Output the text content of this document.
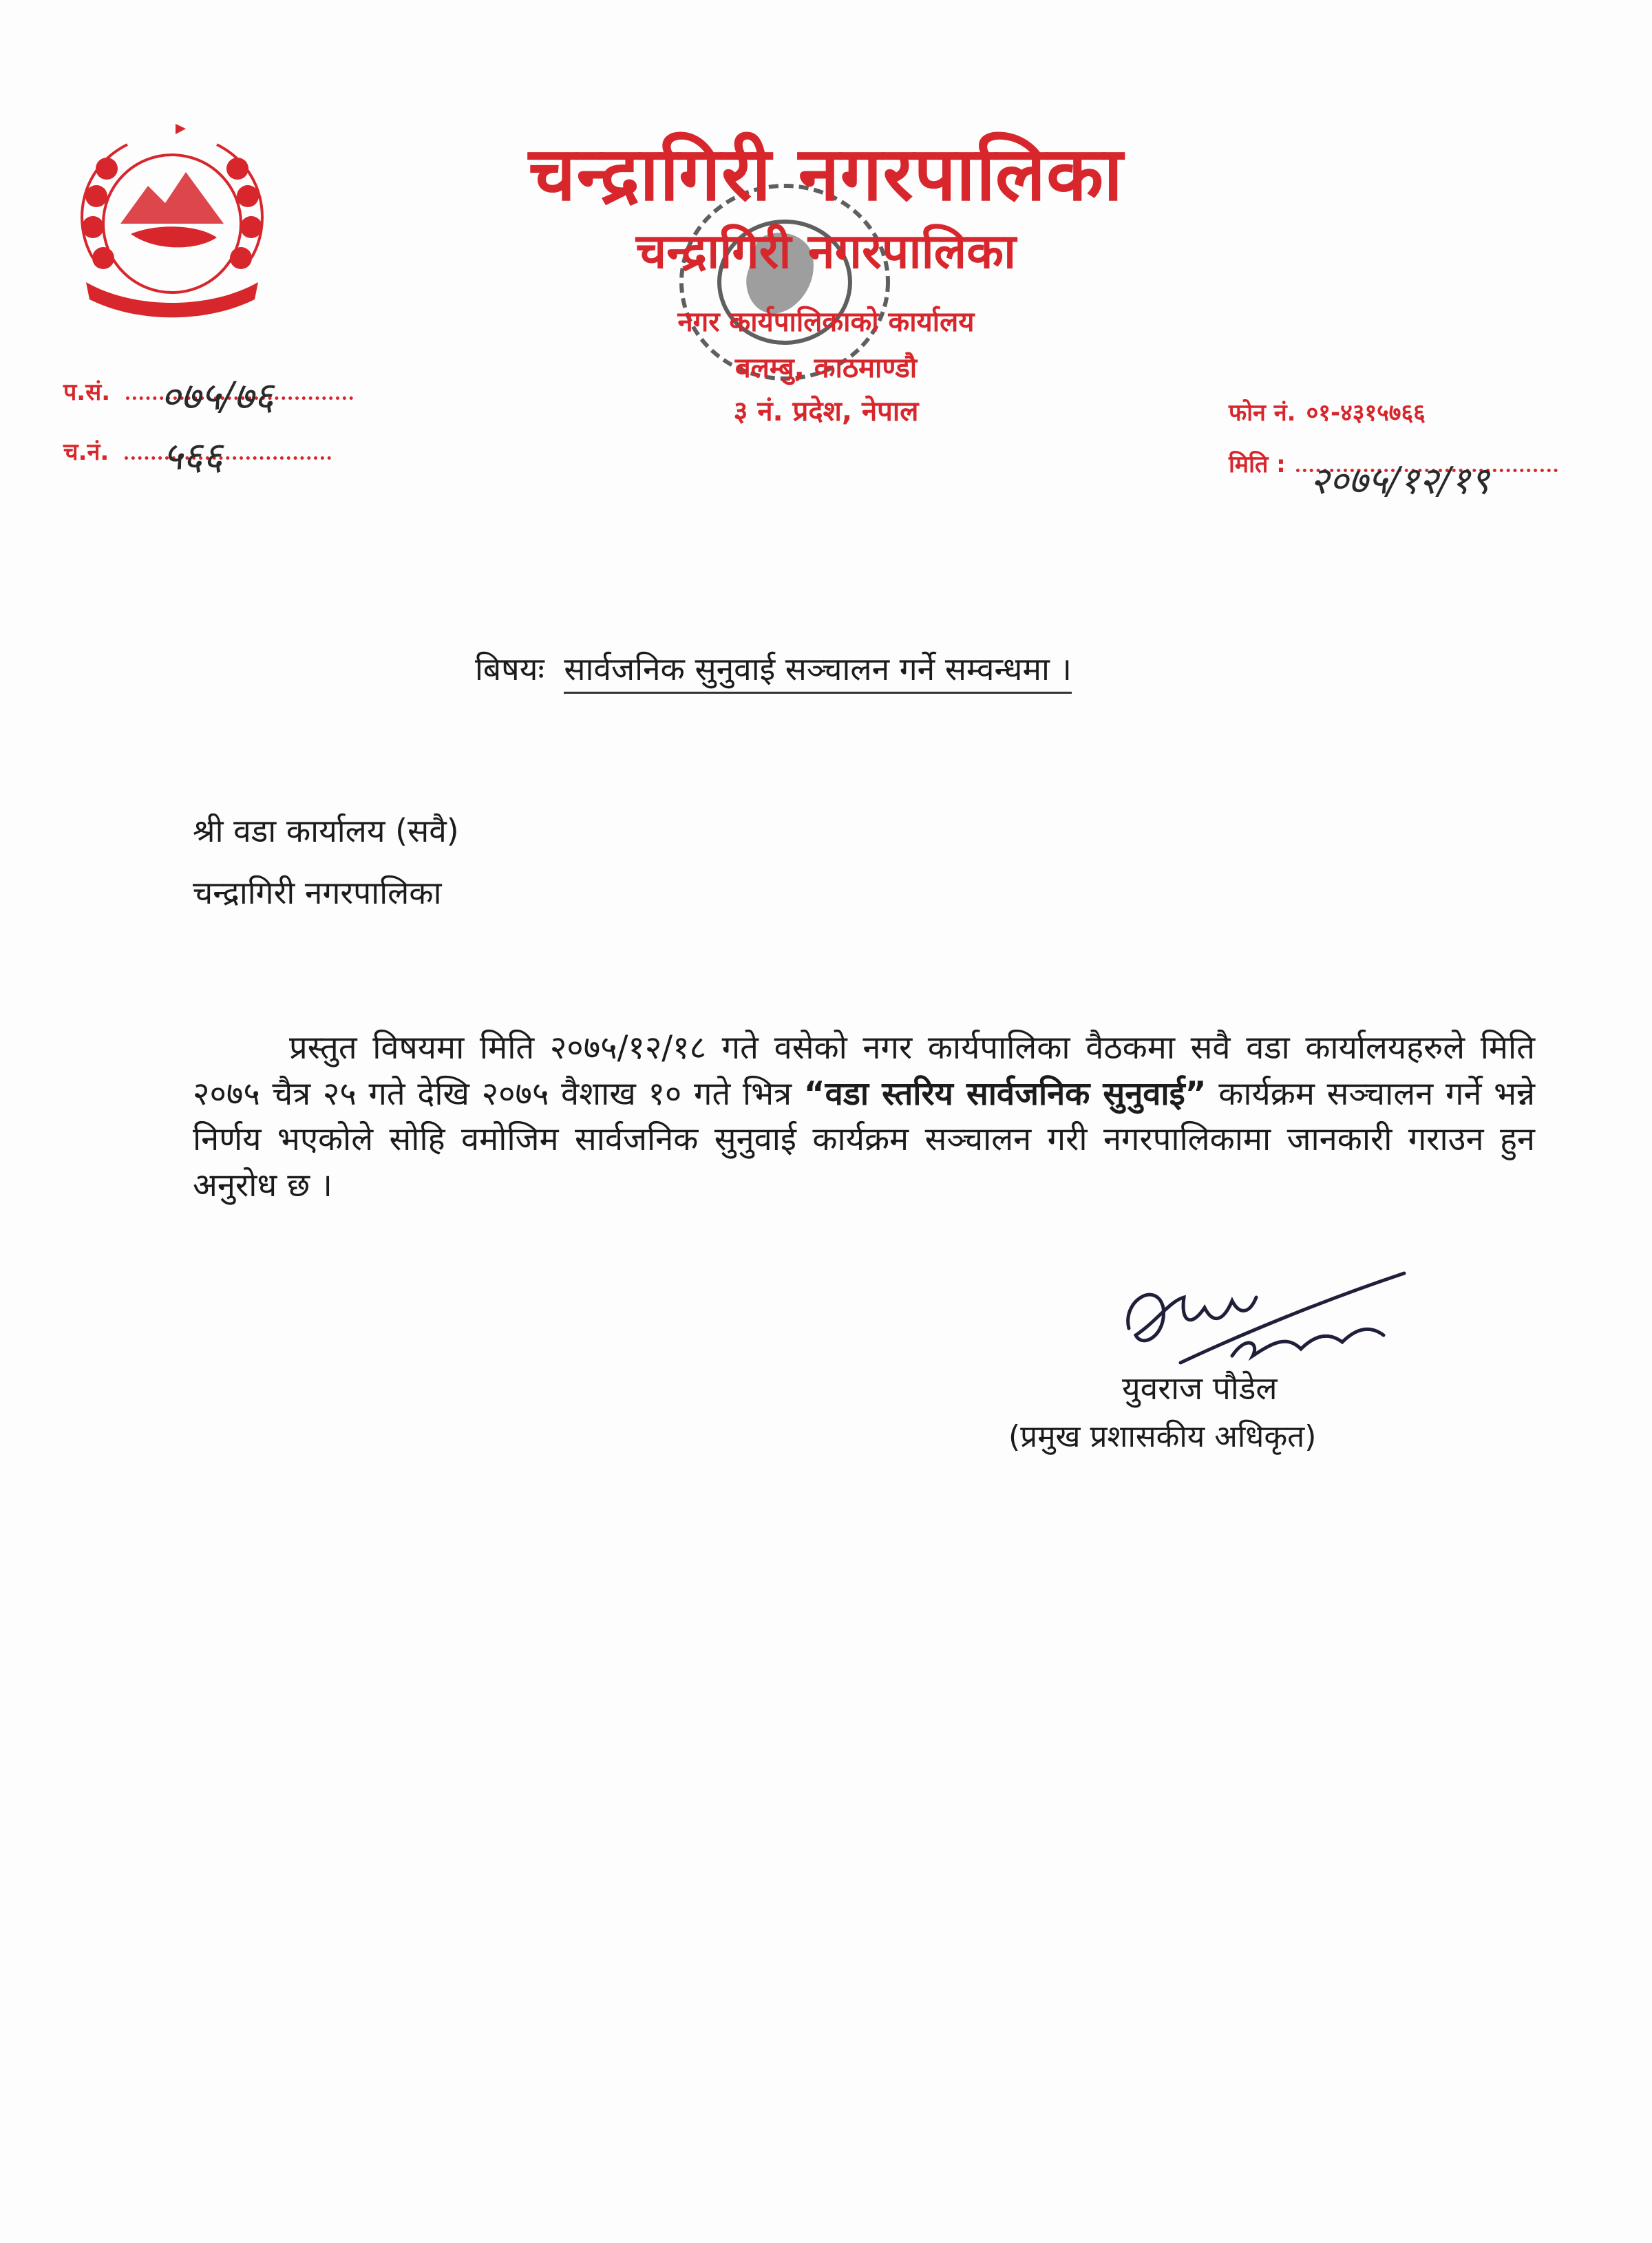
चन्द्रागिरी नगरपालिका
चन्द्रागिरी नगरपालिका
नगर कार्यपालिकाको कार्यालय
बलम्बु, काठमाण्डौ
३ नं. प्रदेश, नेपाल
प.सं. ०७५/७६
च.नं. ५६६
फोन नं. ०१-४३१५७६६
मिति : २०७५/१२/१९
बिषयः सार्वजनिक सुनुवाई सञ्चालन गर्ने सम्वन्धमा ।
श्री वडा कार्यालय (सवै)
चन्द्रागिरी नगरपालिका
प्रस्तुत विषयमा मिति २०७५/१२/१८ गते वसेको नगर कार्यपालिका वैठकमा सवै वडा कार्यालयहरुले मिति २०७५ चैत्र २५ गते देखि २०७५ वैशाख १० गते भित्र “वडा स्तरिय सार्वजनिक सुनुवाई” कार्यक्रम सञ्चालन गर्ने भन्ने निर्णय भएकोले सोहि वमोजिम सार्वजनिक सुनुवाई कार्यक्रम सञ्चालन गरी नगरपालिकामा जानकारी गराउन हुन अनुरोध छ ।
युवराज पौडेल
(प्रमुख प्रशासकीय अधिकृत)
